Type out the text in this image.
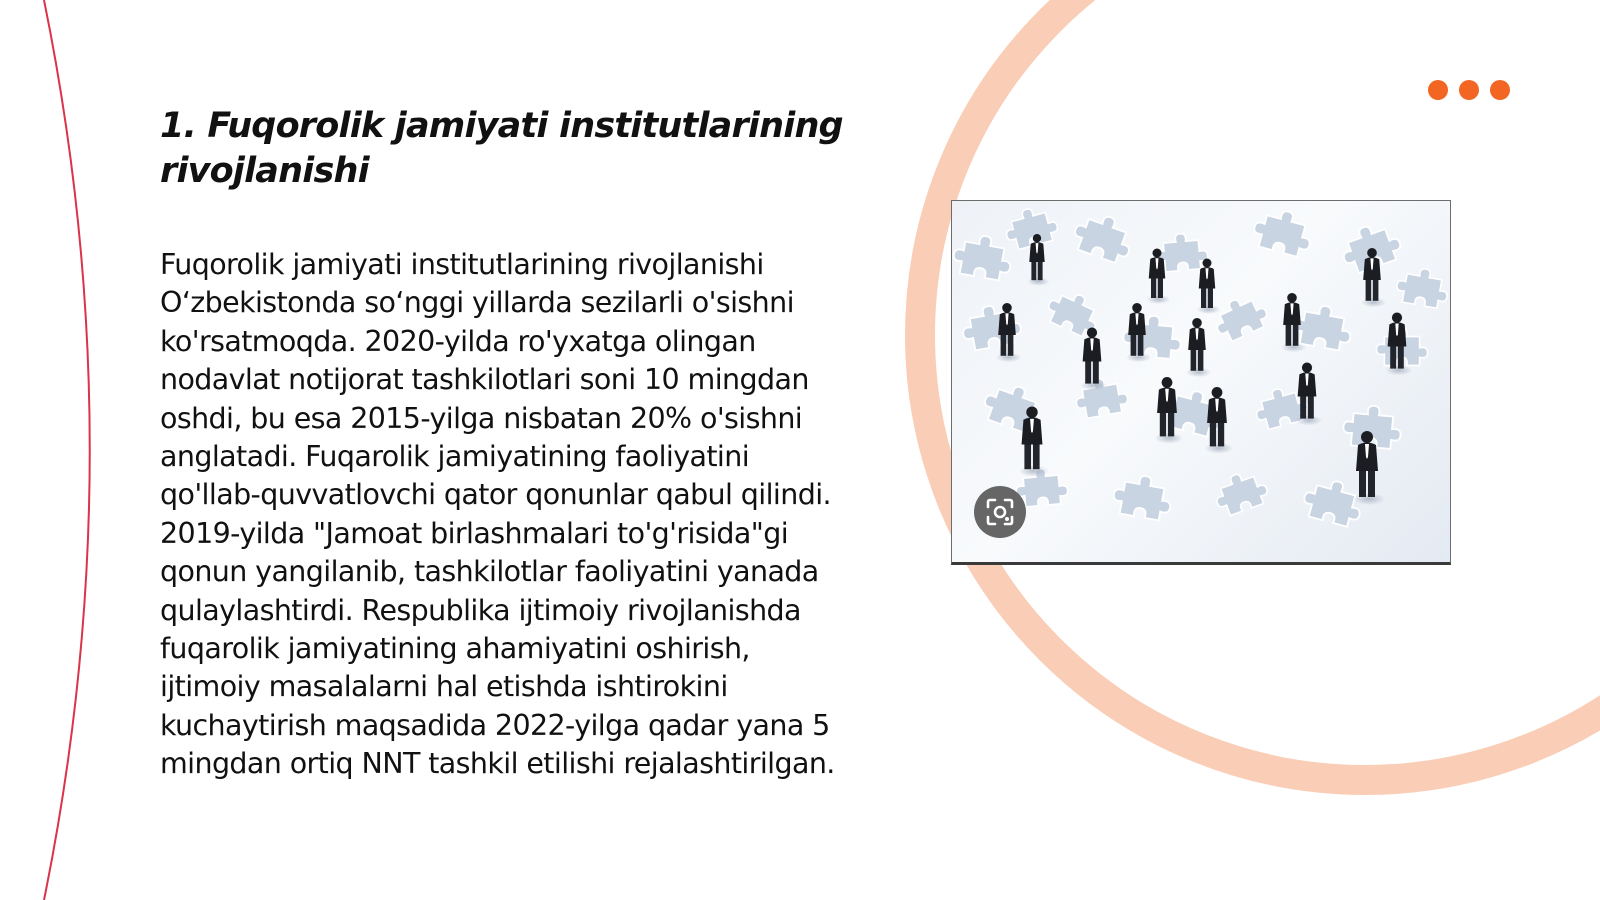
1. Fuqorolik jamiyati institutlarining rivojlanishi

Fuqorolik jamiyati institutlarining rivojlanishi O‘zbekistonda so‘nggi yillarda sezilarli o'sishni ko'rsatmoqda. 2020-yilda ro'yxatga olingan nodavlat notijorat tashkilotlari soni 10 mingdan oshdi, bu esa 2015-yilga nisbatan 20% o'sishni anglatadi. Fuqarolik jamiyatining faoliyatini qo'llab-quvvatlovchi qator qonunlar qabul qilindi. 2019-yilda "Jamoat birlashmalari to'g'risida"gi qonun yangilanib, tashkilotlar faoliyatini yanada qulaylashtirdi. Respublika ijtimoiy rivojlanishda fuqarolik jamiyatining ahamiyatini oshirish, ijtimoiy masalalarni hal etishda ishtirokini kuchaytirish maqsadida 2022-yilga qadar yana 5 mingdan ortiq NNT tashkil etilishi rejalashtirilgan.
